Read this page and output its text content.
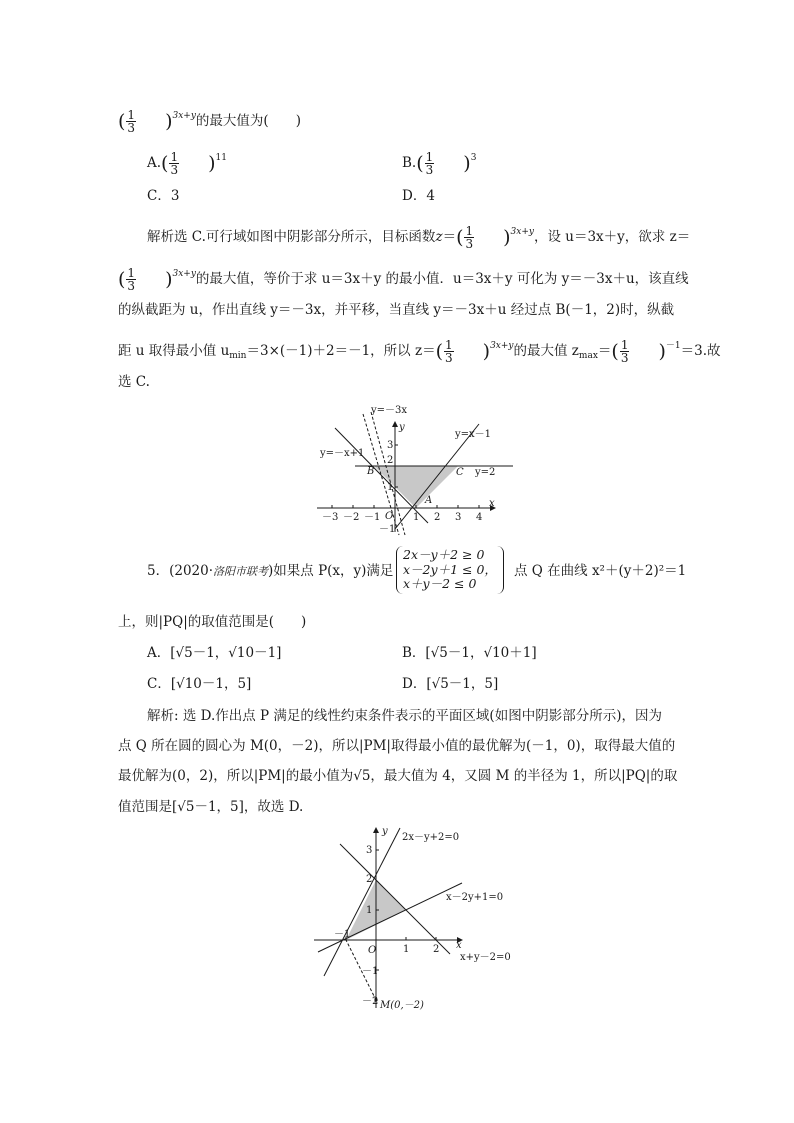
( $\frac{1}{3} )^{3x+y}$的最大值为(　　)
$A.( \frac{1}{3} )^{11}$	$B.( \frac{1}{3} )^3$
C．3	D．4
解析选 C.可行域如图中阴影部分所示，目标函数$z=( \frac{1}{3} )^{3x+y}$，设 u＝3x＋y，欲求 z＝
( $\frac{1}{3} )^{3x+y}$的最大值，等价于求 u＝3x＋y 的最小值．u＝3x＋y 可化为 y＝－3x＋u，该直线
的纵截距为 u，作出直线 y＝－3x，并平移，当直线 y＝－3x＋u 经过点 B(－1，2)时，纵截
距 u 取得最小值 $u_{min}=3\times(-1)+2=-1$，所以 $z=( \frac{1}{3} )^{3x+y}$的最大值 $z_{max}=( \frac{1}{3} )^{-1}=3$.故
选 C.
y=－3x
y=x－1
y=－x+1
y=2
B	C
A
O
x
y
－3 －2 －1	1 2 3 4
3
2
1
－1
5．(2020·洛阳市联考)如果点 P(x，y)满足
2x－y＋2 ≥ 0
x－2y＋1 ≤ 0，
x＋y－2 ≤ 0
点 Q 在曲线 x²＋(y＋2)²＝1
上，则|PQ|的取值范围是(　　)
A．[√5－1，√10－1]	B．[√5－1，√10＋1]
C．[√10－1，5]	D．[√5－1，5]
解析: 选 D.作出点 P 满足的线性约束条件表示的平面区域(如图中阴影部分所示)，因为
点 Q 所在圆的圆心为 M(0，－2)，所以|PM|取得最小值的最优解为(－1，0)，取得最大值的
最优解为(0，2)，所以|PM|的最小值为√5，最大值为 4，又圆 M 的半径为 1，所以|PQ|的取
值范围是[√5－1，5]，故选 D.
2x－y+2=0
x－2y+1=0
x+y－2=0
M(0,－2)
O	x
y
－1
1 2
3
2
1
－1
－2
